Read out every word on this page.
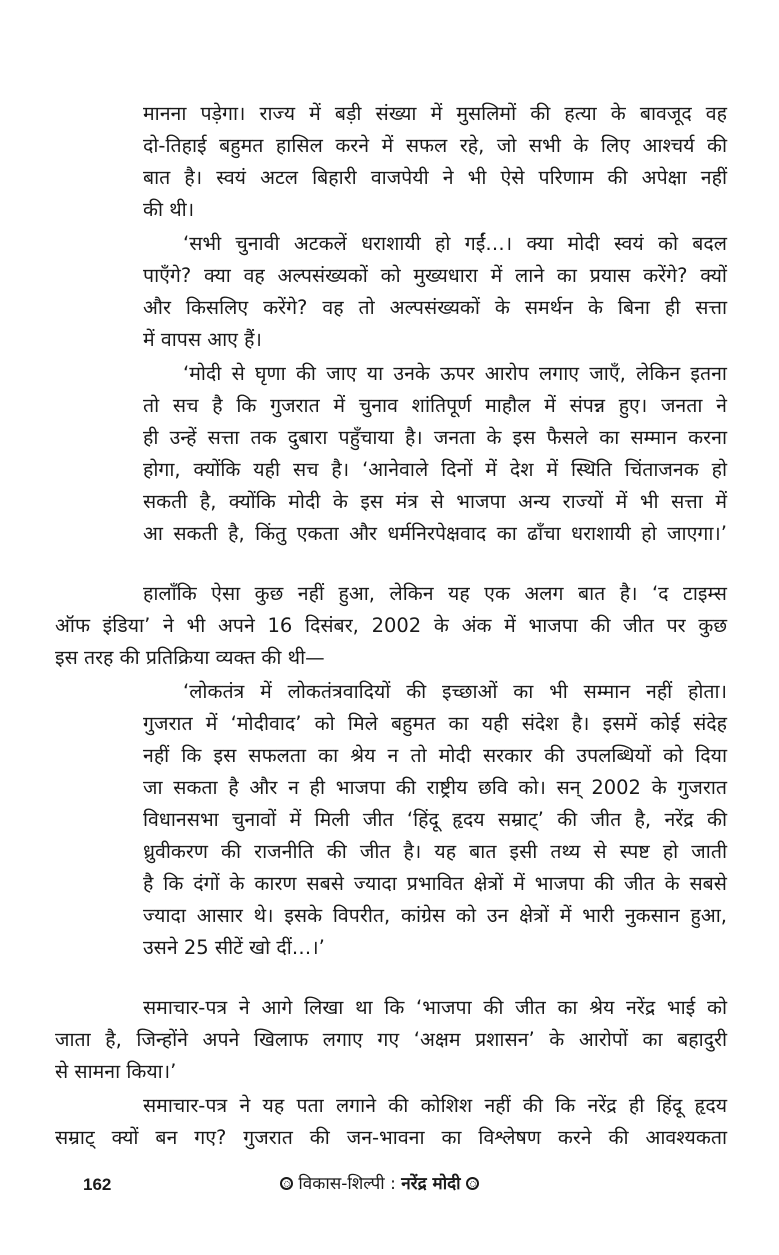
मानना पड़ेगा। राज्य में बड़ी संख्या में मुसलिमों की हत्या के बावजूद वह
दो-तिहाई बहुमत हासिल करने में सफल रहे, जो सभी के लिए आश्चर्य की
बात है। स्वयं अटल बिहारी वाजपेयी ने भी ऐसे परिणाम की अपेक्षा नहीं
की थी।
‘सभी चुनावी अटकलें धराशायी हो गईं…। क्या मोदी स्वयं को बदल
पाएँगे? क्या वह अल्पसंख्यकों को मुख्यधारा में लाने का प्रयास करेंगे? क्यों
और किसलिए करेंगे? वह तो अल्पसंख्यकों के समर्थन के बिना ही सत्ता
में वापस आए हैं।
‘मोदी से घृणा की जाए या उनके ऊपर आरोप लगाए जाएँ, लेकिन इतना
तो सच है कि गुजरात में चुनाव शांतिपूर्ण माहौल में संपन्न हुए। जनता ने
ही उन्हें सत्ता तक दुबारा पहुँचाया है। जनता के इस फैसले का सम्मान करना
होगा, क्योंकि यही सच है। ‘आनेवाले दिनों में देश में स्थिति चिंताजनक हो
सकती है, क्योंकि मोदी के इस मंत्र से भाजपा अन्य राज्यों में भी सत्ता में
आ सकती है, किंतु एकता और धर्मनिरपेक्षवाद का ढाँचा धराशायी हो जाएगा।’
हालाँकि ऐसा कुछ नहीं हुआ, लेकिन यह एक अलग बात है। ‘द टाइम्स
ऑफ इंडिया’ ने भी अपने 16 दिसंबर, 2002 के अंक में भाजपा की जीत पर कुछ
इस तरह की प्रतिक्रिया व्यक्त की थी—
‘लोकतंत्र में लोकतंत्रवादियों की इच्छाओं का भी सम्मान नहीं होता।
गुजरात में ‘मोदीवाद’ को मिले बहुमत का यही संदेश है। इसमें कोई संदेह
नहीं कि इस सफलता का श्रेय न तो मोदी सरकार की उपलब्धियों को दिया
जा सकता है और न ही भाजपा की राष्ट्रीय छवि को। सन् 2002 के गुजरात
विधानसभा चुनावों में मिली जीत ‘हिंदू हृदय सम्राट्’ की जीत है, नरेंद्र की
ध्रुवीकरण की राजनीति की जीत है। यह बात इसी तथ्य से स्पष्ट हो जाती
है कि दंगों के कारण सबसे ज्यादा प्रभावित क्षेत्रों में भाजपा की जीत के सबसे
ज्यादा आसार थे। इसके विपरीत, कांग्रेस को उन क्षेत्रों में भारी नुकसान हुआ,
उसने 25 सीटें खो दीं…।’
समाचार-पत्र ने आगे लिखा था कि ‘भाजपा की जीत का श्रेय नरेंद्र भाई को
जाता है, जिन्होंने अपने खिलाफ लगाए गए ‘अक्षम प्रशासन’ के आरोपों का बहादुरी
से सामना किया।’
समाचार-पत्र ने यह पता लगाने की कोशिश नहीं की कि नरेंद्र ही हिंदू हृदय
सम्राट् क्यों बन गए? गुजरात की जन-भावना का विश्लेषण करने की आवश्यकता
162	विकास-शिल्पी : नरेंद्र मोदी
